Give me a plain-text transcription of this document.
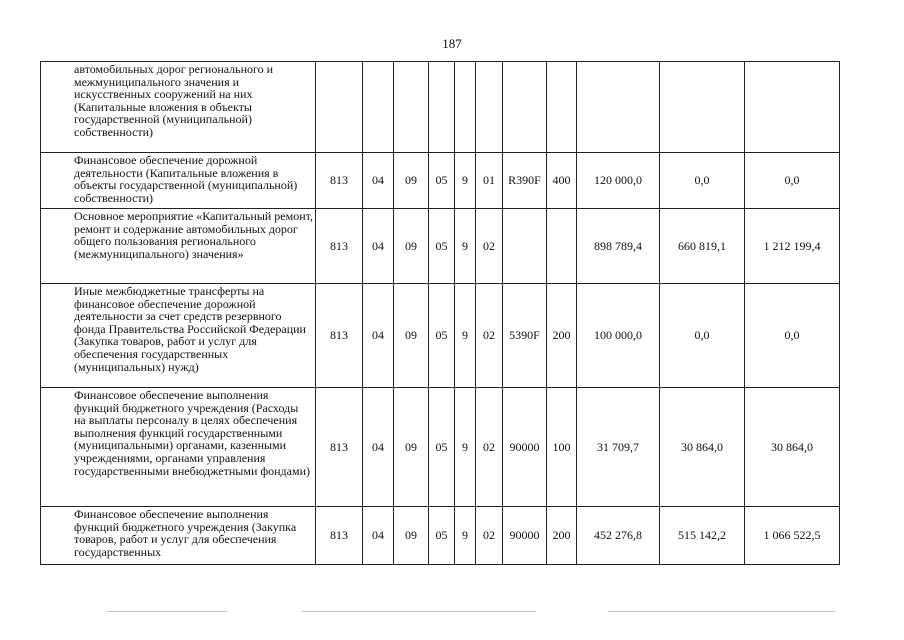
187
автомобильных дорог регионального и межмуниципального значения и искусственных сооружений на них (Капитальные вложения в объекты государственной (муниципальной) собственности)											
Финансовое обеспечение дорожной деятельности (Капитальные вложения в объекты государственной (муниципальной) собственности)	813	04	09	05	9	01	R390F	400	120 000,0	0,0	0,0
Основное мероприятие «Капитальный ремонт, ремонт и содержание автомобильных дорог общего пользования регионального (межмуниципального) значения»	813	04	09	05	9	02			898 789,4	660 819,1	1 212 199,4
Иные межбюджетные трансферты на финансовое обеспечение дорожной деятельности за счет средств резервного фонда Правительства Российской Федерации (Закупка товаров, работ и услуг для обеспечения государственных (муниципальных) нужд)	813	04	09	05	9	02	5390F	200	100 000,0	0,0	0,0
Финансовое обеспечение выполнения функций бюджетного учреждения (Расходы на выплаты персоналу в целях обеспечения выполнения функций государственными (муниципальными) органами, казенными учреждениями, органами управления государственными внебюджетными фондами)	813	04	09	05	9	02	90000	100	31 709,7	30 864,0	30 864,0
Финансовое обеспечение выполнения функций бюджетного учреждения (Закупка товаров, работ и услуг для обеспечения государственных	813	04	09	05	9	02	90000	200	452 276,8	515 142,2	1 066 522,5
